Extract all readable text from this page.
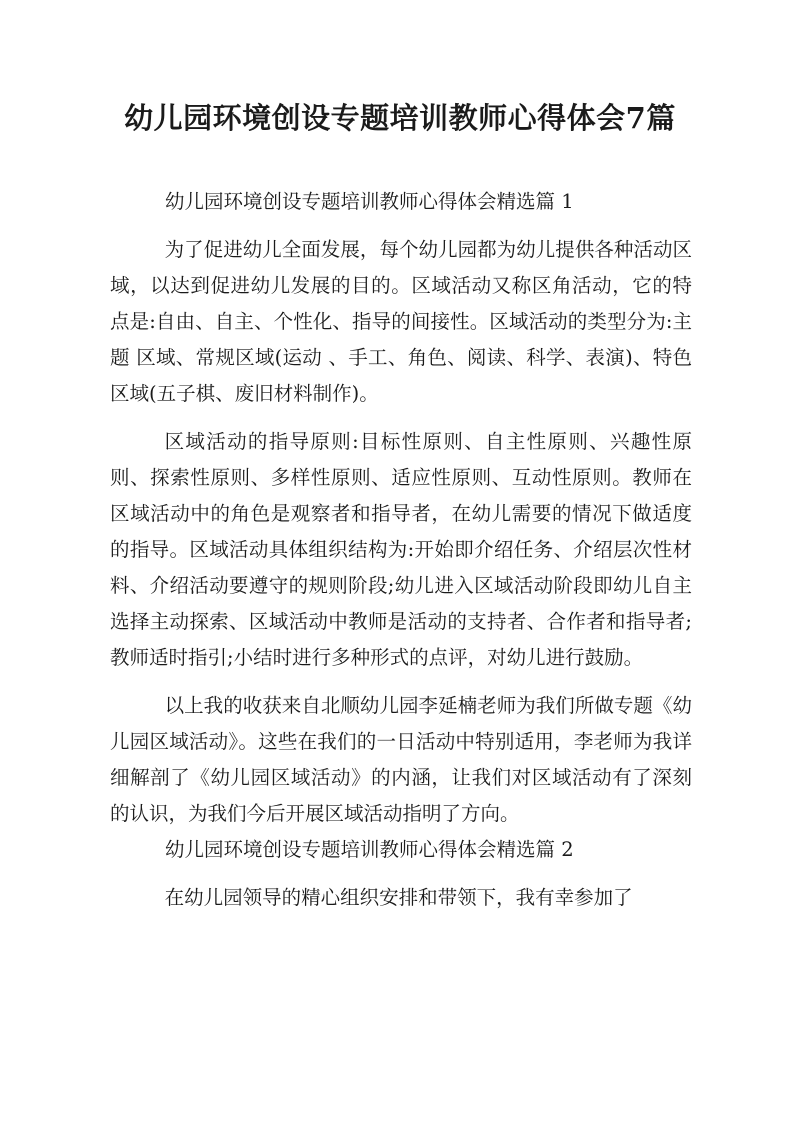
幼儿园环境创设专题培训教师心得体会7篇

幼儿园环境创设专题培训教师心得体会精选篇 1

为了促进幼儿全面发展，每个幼儿园都为幼儿提供各种活动区域，以达到促进幼儿发展的目的。区域活动又称区角活动，它的特点是:自由、自主、个性化、指导的间接性。区域活动的类型分为:主题 区域、常规区域(运动 、手工、角色、阅读、科学、表演)、特色区域(五子棋、废旧材料制作)。

区域活动的指导原则:目标性原则、自主性原则、兴趣性原则、探索性原则、多样性原则、适应性原则、互动性原则。教师在区域活动中的角色是观察者和指导者，在幼儿需要的情况下做适度的指导。区域活动具体组织结构为:开始即介绍任务、介绍层次性材料、介绍活动要遵守的规则阶段;幼儿进入区域活动阶段即幼儿自主选择主动探索、区域活动中教师是活动的支持者、合作者和指导者;教师适时指引;小结时进行多种形式的点评，对幼儿进行鼓励。

以上我的收获来自北顺幼儿园李延楠老师为我们所做专题《幼儿园区域活动》。这些在我们的一日活动中特别适用，李老师为我详细解剖了《幼儿园区域活动》的内涵，让我们对区域活动有了深刻的认识，为我们今后开展区域活动指明了方向。

幼儿园环境创设专题培训教师心得体会精选篇 2

在幼儿园领导的精心组织安排和带领下，我有幸参加了
